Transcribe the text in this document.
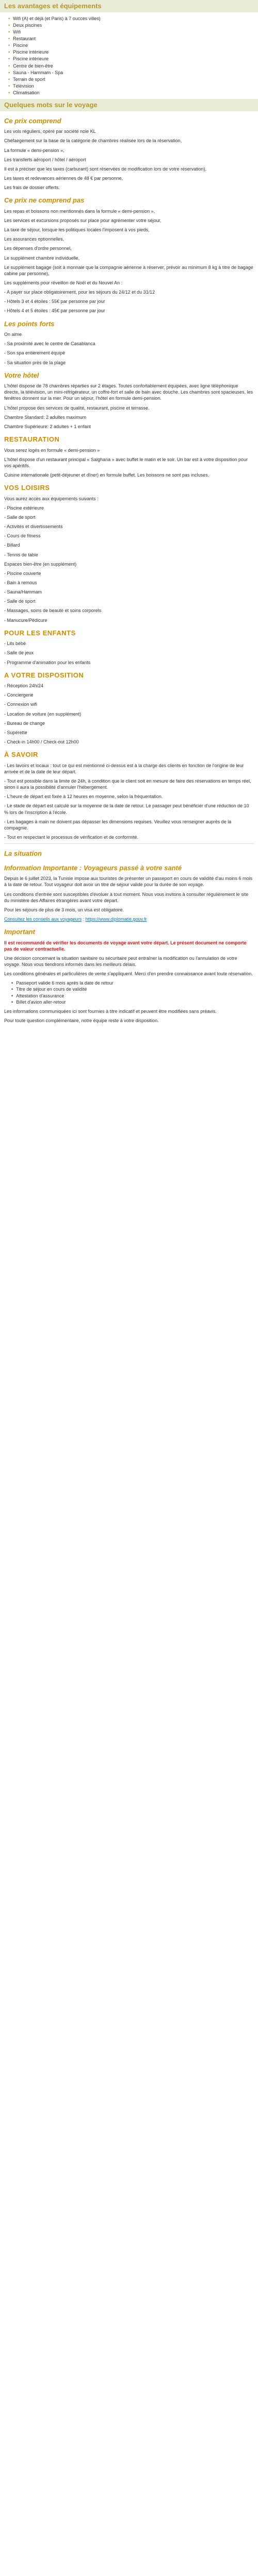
Les avantages et équipements
• Wifi (A) et déjà (et Paris) à 7 oucces villes)
• Deux piscines
• Wifi
• Restaurant
• Piscine
• Piscine intérieure
• Piscine intérieure
• Centre de bien-être
• Sauna - Hammam - Spa
• Terrain de sport
• Télévision
• Climatisation
Quelques mots sur le voyage
Ce prix comprend

Les vols réguliers, opéré par société nole KL

Chéfaegement sur la base de la catégorie de chambres réalisée lors de la réservation,

La formule « demi-pension »,

Les transferts aéroport / hôtel / aéroport

Il est à préciser que les taxes (carburant) sont réservées de modification lors de votre réservation),

Les taxes et redevances aériennes de 48 € par personne,

Les frais de dossier offerts.

Ce prix ne comprend pas

Les repas et boissons non mentionnés dans la formule « demi-pension »,

Les services et excursions proposés sur place pour agrémenter votre séjour,

La taxe de séjour, lorsque les politiques locales l'imposent à vos pieds,

Les assurances optionnelles,

Les dépenses d'ordre personnel,

Le supplément chambre individuelle,

Le supplément bagage (soit à monnaie que la compagnie aérienne à réserver, prévoir au minimum 8 kg à titre de bagage cabine par personne),

Les suppléments pour réveillon de Noël et du Nouvel An :

- A payer sur place obligatoirement, pour les séjours du 24/12 et du 31/12

- Hôtels 3 et 4 étoiles : 55€ par personne par jour

- Hôtels 4 et 5 étoiles : 45€ par personne par jour

Les points forts

On aime

- Sa proximité avec le centre de Casablanca

- Son spa entièrement équipé

- Sa situation près de la plage

Votre hôtel

L'hôtel dispose de 78 chambres réparties sur 2 étages. Toutes confortablement équipées, avec ligne téléphonique directe, la télévision, un mini-réfrigérateur, un coffre-fort et salle de bain avec douche. Les chambres sont spacieuses, les fenêtres donnent sur la mer. Pour un séjour, l'hôtel en formule demi-pension.

L'hôtel propose des services de qualité, restaurant, piscine et terrasse.

Chambre Standard: 2 adultes maximum

Chambre Supérieure: 2 adultes + 1 enfant

RESTAURATION

Vous serez logés en formule « demi-pension »

L'hôtel dispose d'un restaurant principal « Salgharia » avec buffet le matin et le soir. Un bar est à votre disposition pour vos apéritifs.

Cuisine internationale (petit-déjeuner et dîner) en formule buffet. Les boissons ne sont pas incluses.

VOS LOISIRS

Vous aurez accès aux équipements suivants :

- Piscine extérieure

- Salle de sport

- Activités et divertissements

- Cours de fitness

- Billard

- Tennis de table

Espaces bien-être (en supplément)

- Piscine couverte

- Bain à remous

- Sauna/Hammam

- Salle de sport

- Massages, soins de beauté et soins corporels

- Manucure/Pédicure

POUR LES ENFANTS

- Lits bébé

- Salle de jeux

- Programme d'animation pour les enfants

A VOTRE DISPOSITION

- Réception 24h/24

- Conciergerie

- Connexion wifi

- Location de voiture (en supplément)

- Bureau de change

- Supérette

- Check-in 14h00 / Check-out 12h00

À SAVOIR

- Les lavoirs et locaux : tout ce qui est mentionné ci-dessus est à la charge des clients en fonction de l'origine de leur arrivée et de la date de leur départ.

- Tout est possible dans la limite de 24h, à condition que le client soit en mesure de faire des réservations en temps réel, sinon il aura la possibilité d'annuler l'hébergement.

- L'heure de départ est fixée à 12 heures en moyenne, selon la fréquentation.

- Le stade de départ est calculé sur la moyenne de la date de retour. Le passager peut bénéficier d'une réduction de 10 % lors de l'inscription à l'école.

- Les bagages à main ne doivent pas dépasser les dimensions requises. Veuillez vous renseigner auprès de la compagnie.

- Tout en respectant le processus de vérification et de conformité.

La situation
Information Importante : Voyageurs passé à votre santé

Depuis le 6 juillet 2023, la Tunisie impose aux touristes de présenter un passeport en cours de validité d'au moins 6 mois à la date de retour. Tout voyageur doit avoir un titre de séjour valide pour la durée de son voyage.

Les conditions d'entrée sont susceptibles d'évoluer à tout moment. Nous vous invitons à consulter régulièrement le site du ministère des Affaires étrangères avant votre départ.

Pour les séjours de plus de 3 mois, un visa est obligatoire.

Consultez les conseils aux voyageurs : https://www.diplomatie.gouv.fr

Important

Il est recommandé de vérifier les documents de voyage avant votre départ. Le présent document ne comporte pas de valeur contractuelle.

Une décision concernant la situation sanitaire ou sécuritaire peut entraîner la modification ou l'annulation de votre voyage. Nous vous tiendrons informés dans les meilleurs délais.

Les conditions générales et particulières de vente s'appliquent. Merci d'en prendre connaissance avant toute réservation.

• Passeport valide 6 mois après la date de retour
• Titre de séjour en cours de validité
• Attestation d'assurance
• Billet d'avion aller-retour

Les informations communiquées ici sont fournies à titre indicatif et peuvent être modifiées sans préavis.

Pour toute question complémentaire, notre équipe reste à votre disposition.
